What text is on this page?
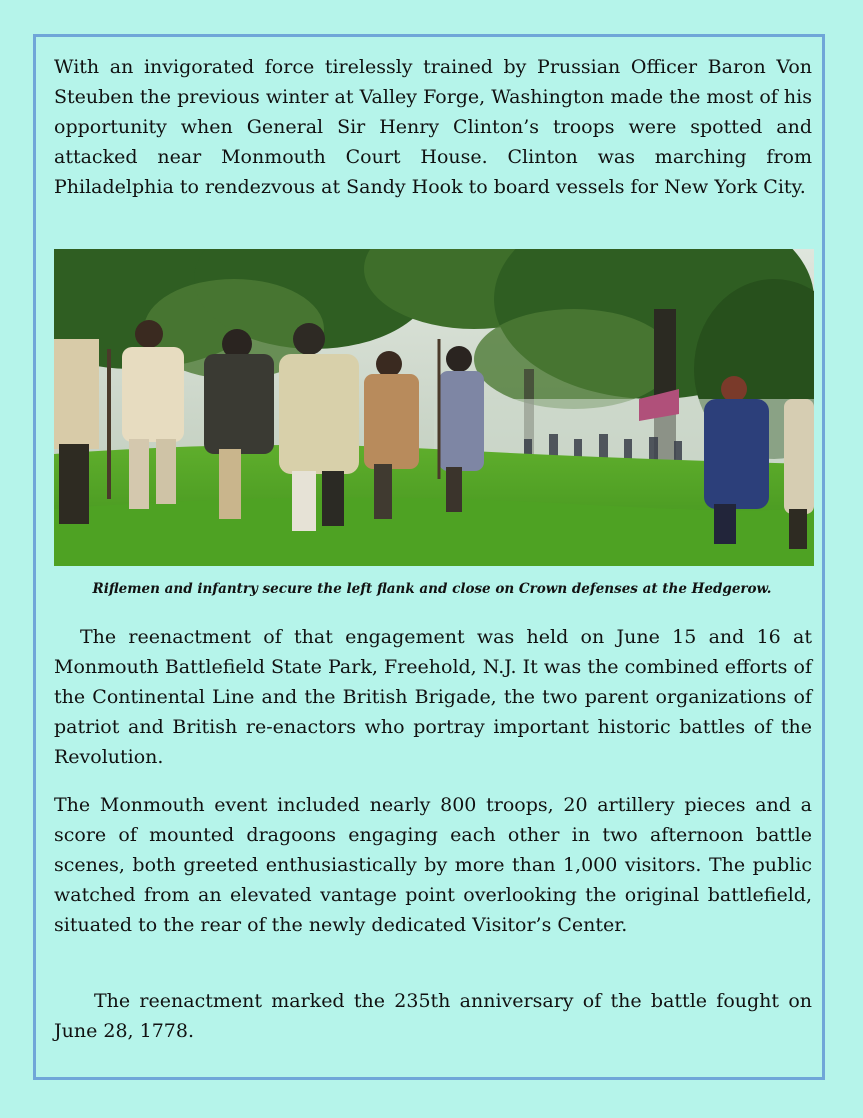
With an invigorated force tirelessly trained by Prussian Officer Baron Von Steuben the previous winter at Valley Forge, Washington made the most of his opportunity when General Sir Henry Clinton’s troops were spotted and attacked near Monmouth Court House. Clinton was marching from Philadelphia to rendezvous at Sandy Hook to board vessels for New York City.

Riflemen and infantry secure the left flank and close on Crown defenses at the Hedgerow.

The reenactment of that engagement was held on June 15 and 16 at Monmouth Battlefield State Park, Freehold, N.J. It was the combined efforts of the Continental Line and the British Brigade, the two parent organizations of patriot and British re-enactors who portray important historic battles of the Revolution.

The Monmouth event included nearly 800 troops, 20 artillery pieces and a score of mounted dragoons engaging each other in two afternoon battle scenes, both greeted enthusiastically by more than 1,000 visitors. The public watched from an elevated vantage point overlooking the original battlefield, situated to the rear of the newly dedicated Visitor’s Center.

The reenactment marked the 235th anniversary of the battle fought on June 28, 1778.
